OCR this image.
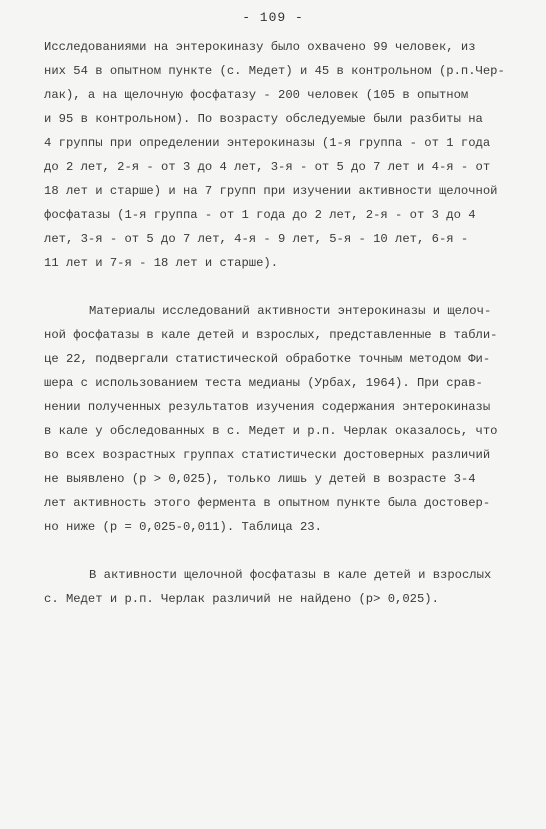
- 109 -
Исследованиями на энтерокиназу было охвачено 99 человек, из
них 54 в опытном пункте (с. Медет) и 45 в контрольном (р.п.Чер-
лак), а на щелочную фосфатазу - 200 человек (105 в опытном
и 95 в контрольном). По возрасту обследуемые были разбиты на
4 группы при определении энтерокиназы (1-я группа - от 1 года
до 2 лет, 2-я - от 3 до 4 лет, 3-я - от 5 до 7 лет и 4-я - от
18 лет и старше) и на 7 групп при изучении активности щелочной
фосфатазы (1-я группа - от 1 года до 2 лет, 2-я - от 3 до 4
лет, 3-я - от 5 до 7 лет, 4-я - 9 лет, 5-я - 10 лет, 6-я -
11 лет и 7-я - 18 лет и старше).
Материалы исследований активности энтерокиназы и щелоч-
ной фосфатазы в кале детей и взрослых, представленные в табли-
це 22, подвергали статистической обработке точным методом Фи-
шера с использованием теста медианы (Урбах, 1964). При срав-
нении полученных результатов изучения содержания энтерокиназы
в кале у обследованных в с. Медет и р.п. Черлак оказалось, что
во всех возрастных группах статистически достоверных различий
не выявлено (p > 0,025), только лишь у детей в возрасте 3-4
лет активность этого фермента в опытном пункте была достовер-
но ниже (p = 0,025-0,011). Таблица 23.
В активности щелочной фосфатазы в кале детей и взрослых
с. Медет и р.п. Черлак различий не найдено (p> 0,025).
